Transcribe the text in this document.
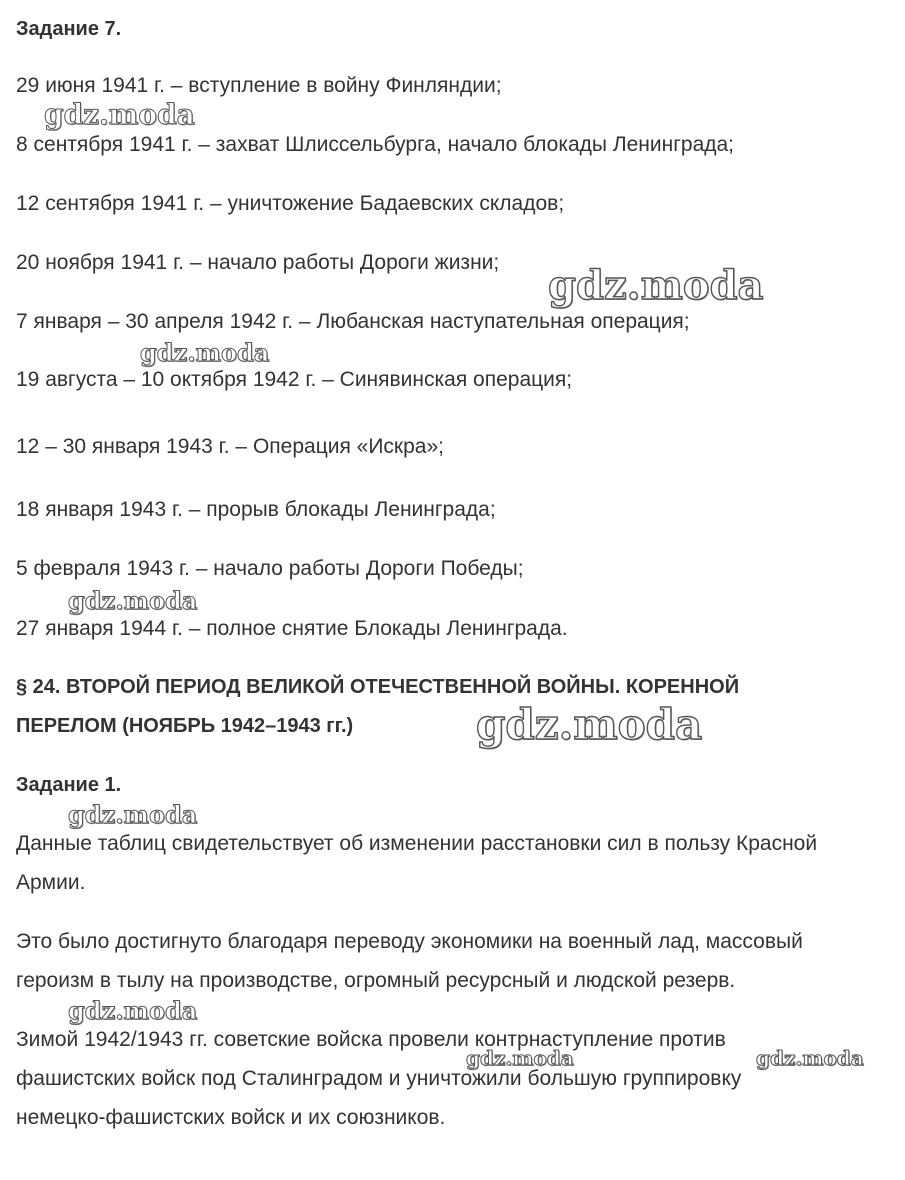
Задание 7.

29 июня 1941 г. – вступление в войну Финляндии;

8 сентября 1941 г. – захват Шлиссельбурга, начало блокады Ленинграда;

12 сентября 1941 г. – уничтожение Бадаевских складов;

20 ноября 1941 г. – начало работы Дороги жизни;

7 января – 30 апреля 1942 г. – Любанская наступательная операция;

19 августа – 10 октября 1942 г. – Синявинская операция;

12 – 30 января 1943 г. – Операция «Искра»;

18 января 1943 г. – прорыв блокады Ленинграда;

5 февраля 1943 г. – начало работы Дороги Победы;

27 января 1944 г. – полное снятие Блокады Ленинграда.

§ 24. ВТОРОЙ ПЕРИОД ВЕЛИКОЙ ОТЕЧЕСТВЕННОЙ ВОЙНЫ. КОРЕННОЙ

ПЕРЕЛОМ (НОЯБРЬ 1942–1943 гг.)

Задание 1.

Данные таблиц свидетельствует об изменении расстановки сил в пользу Красной
Армии.
Это было достигнуто благодаря переводу экономики на военный лад, массовый
героизм в тылу на производстве, огромный ресурсный и людской резерв.
Зимой 1942/1943 гг. советские войска провели контрнаступление против
фашистских войск под Сталинградом и уничтожили большую группировку
немецко-фашистских войск и их союзников.
gdz.moda
gdz.moda
gdz.moda
gdz.moda
gdz.moda
gdz.moda
gdz.moda
gdz.moda	gdz.moda
